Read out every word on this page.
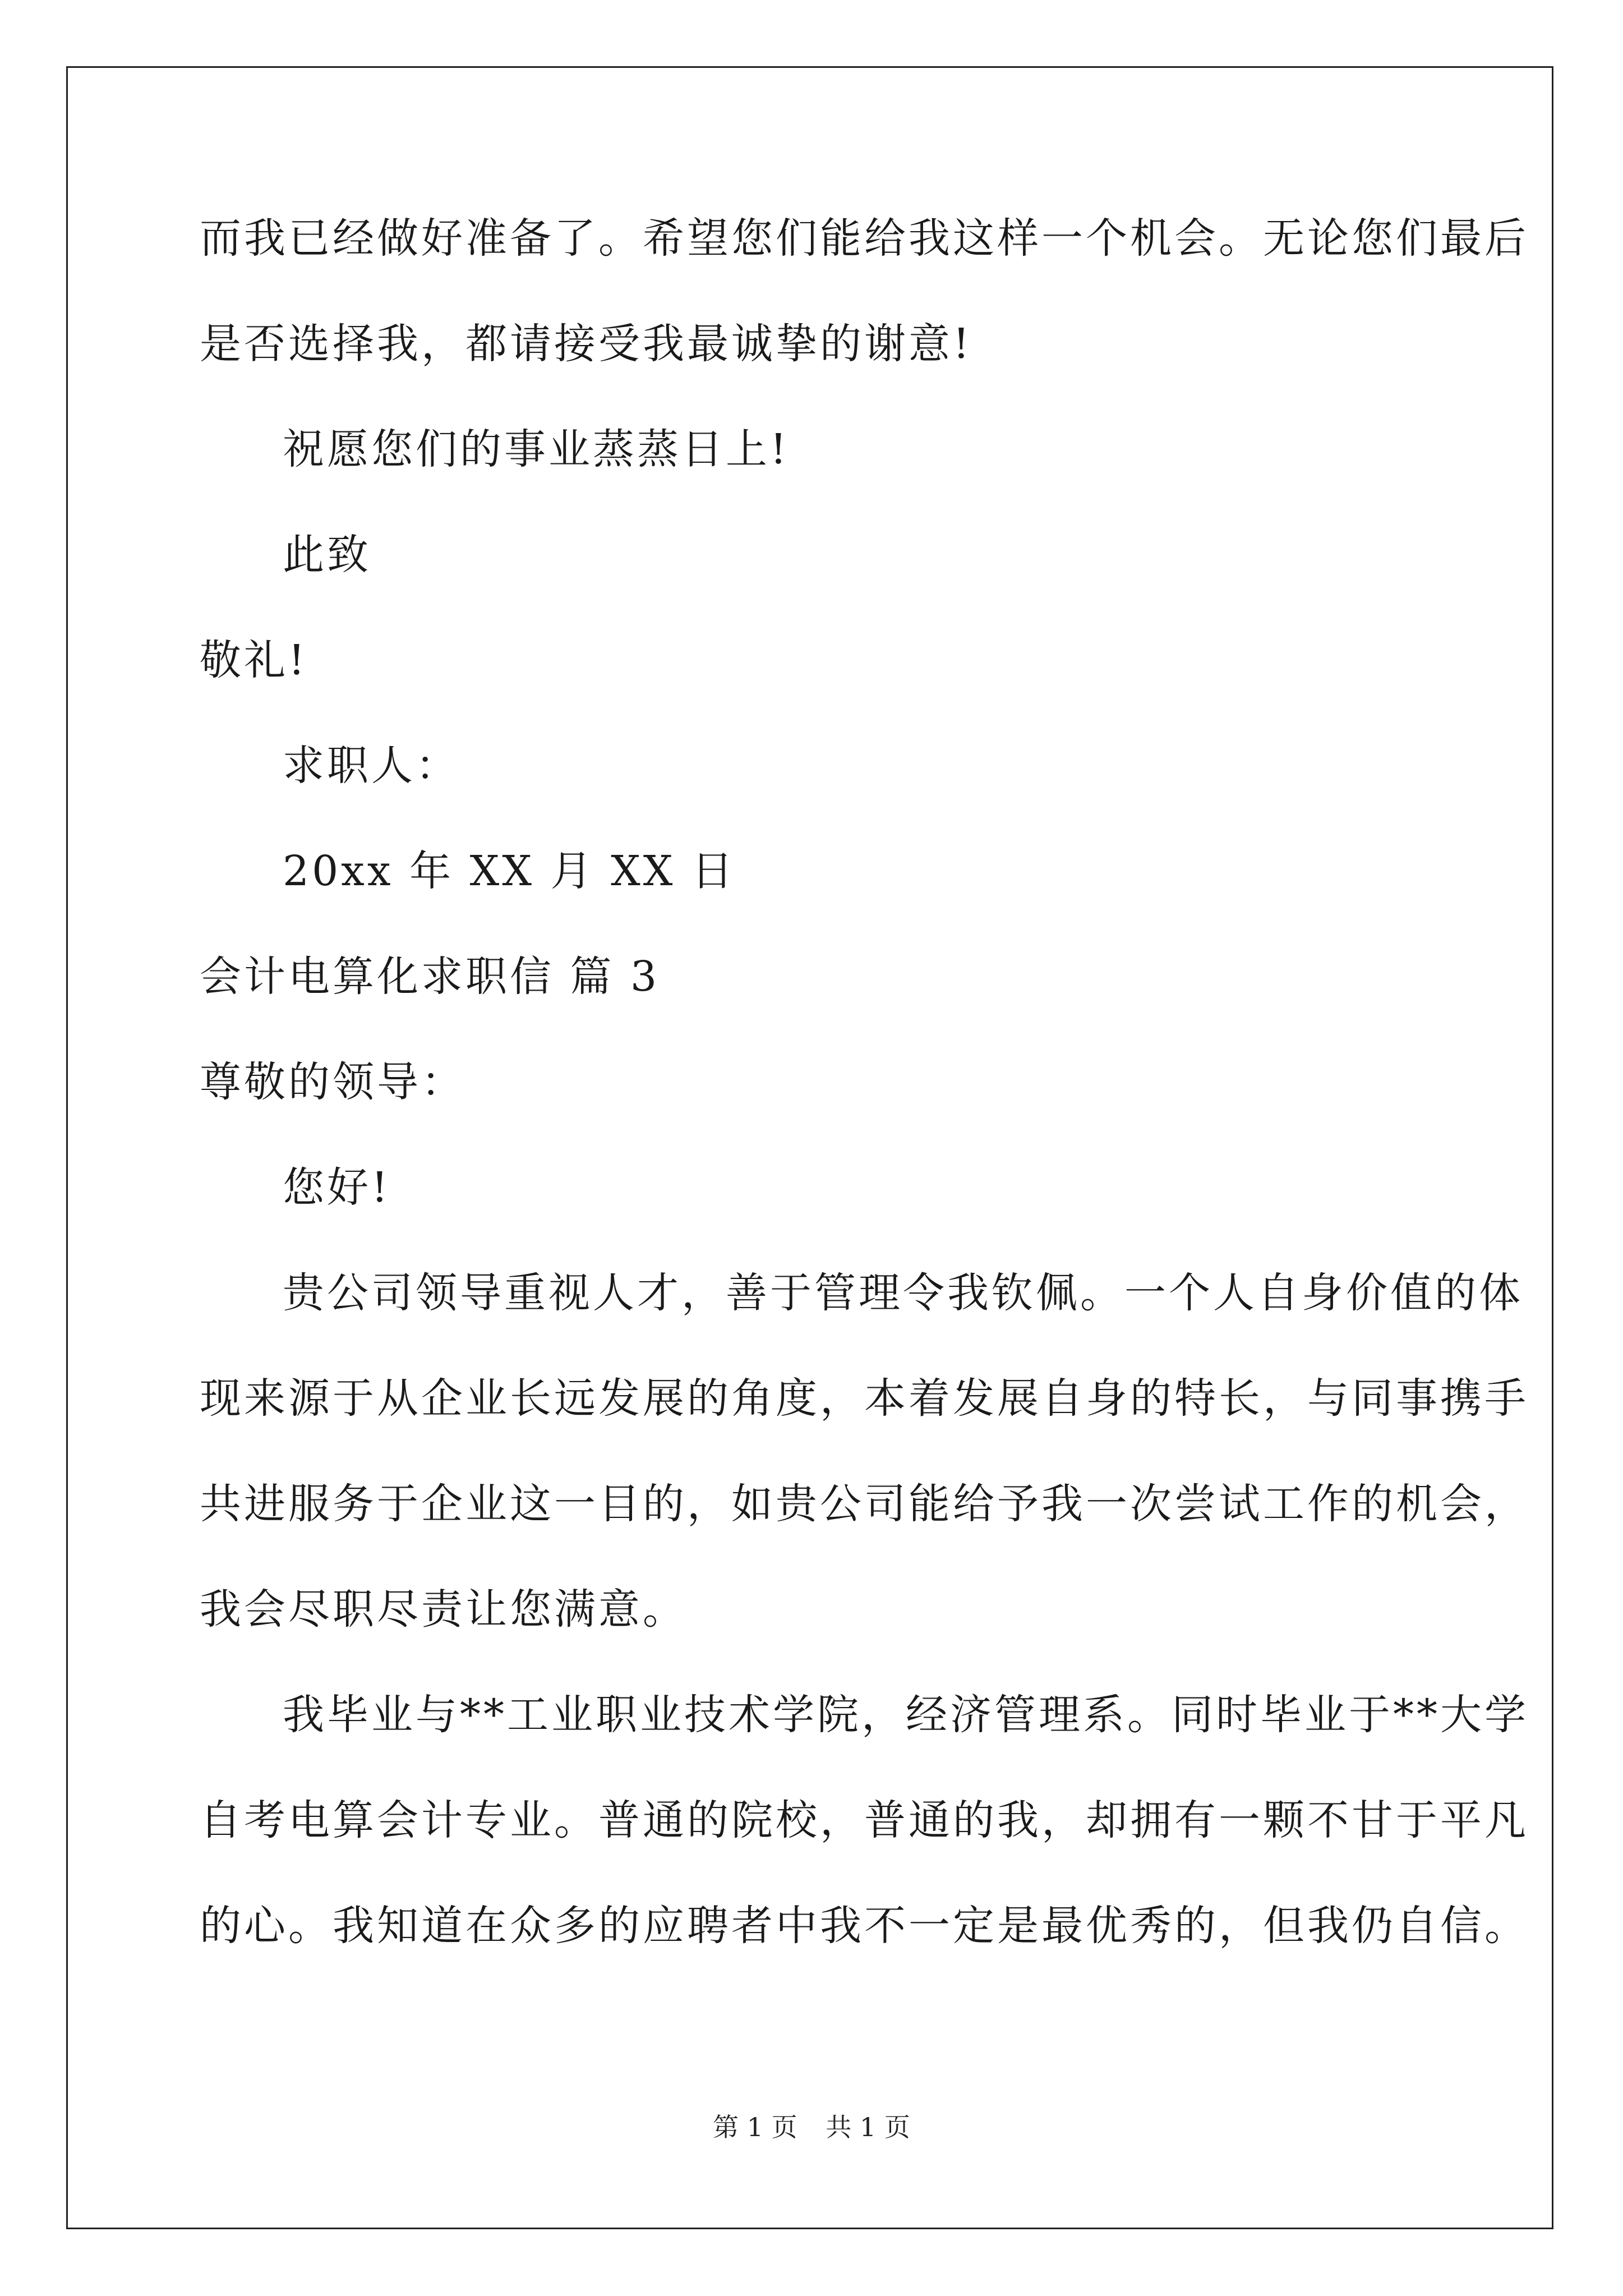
而我已经做好准备了。希望您们能给我这样一个机会。无论您们最后
是否选择我，都请接受我最诚挚的谢意!
祝愿您们的事业蒸蒸日上!
此致
敬礼!
求职人：
20xx 年 XX 月 XX 日
会计电算化求职信 篇 3
尊敬的领导：
您好!
贵公司领导重视人才，善于管理令我钦佩。一个人自身价值的体
现来源于从企业长远发展的角度，本着发展自身的特长，与同事携手
共进服务于企业这一目的，如贵公司能给予我一次尝试工作的机会，
我会尽职尽责让您满意。
我毕业与**工业职业技术学院，经济管理系。同时毕业于**大学
自考电算会计专业。普通的院校，普通的我，却拥有一颗不甘于平凡
的心。我知道在众多的应聘者中我不一定是最优秀的，但我仍自信。
第 1 页 共 1 页
